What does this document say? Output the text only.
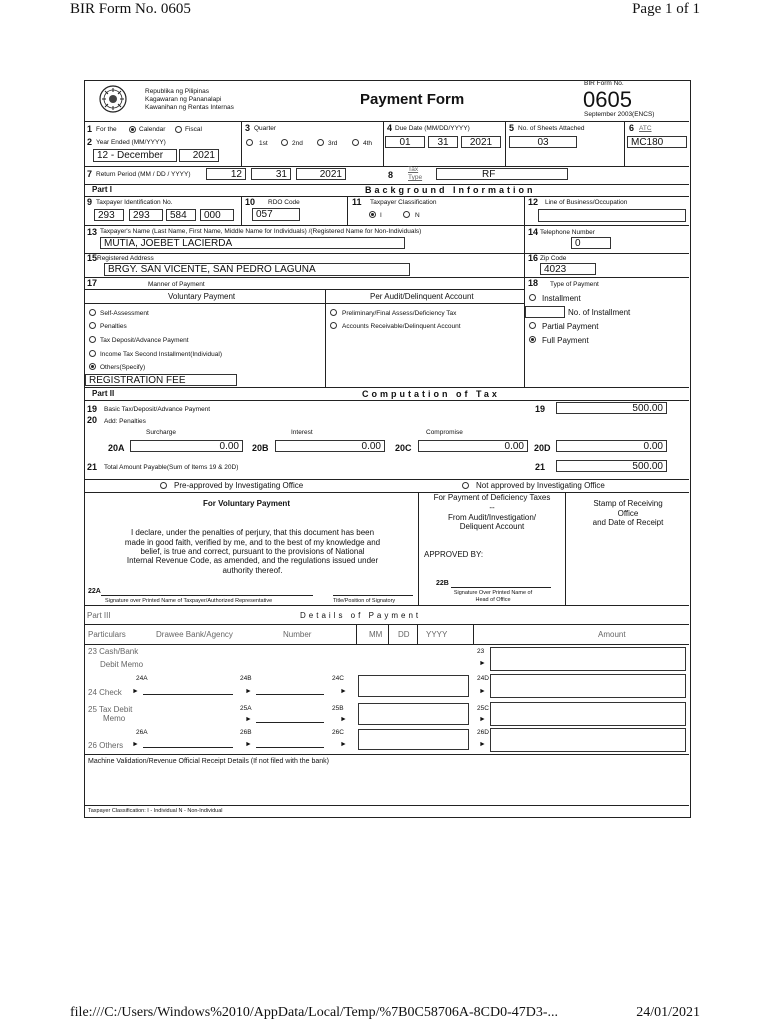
BIR Form No. 0605	Page 1 of 1
file:///C:/Users/Windows%2010/AppData/Local/Temp/%7B0C58706A-8CD0-47D3-...	24/01/2021
Republika ng Pilipinas
Kagawaran ng Pananalapi
Kawanihan ng Rentas Internas	Payment Form
BIR Form No.
0605
September 2003(ENCS)
1 For the	Calendar	Fiscal	3 Quarter
1st	2nd	3rd	4th
4 Due Date (MM/DD/YYYY)
01	31	2021
5 No. of Sheets Attached
03
6 ATC
MC180
2 Year Ended (MM/YYYY)
12 - December	2021
7 Return Period (MM / DD / YYYY)	12	31	2021	8
Tax Type	RF
Part I	Background Information
9 Taxpayer Identification No.
293	293	584	000
10 RDO Code
057
11 Taxpayer Classification
I	N
12 Line of Business/Occupation
13 Taxpayer's Name (Last Name, First Name, Middle Name for Individuals) /(Registered Name for Non-Individuals)
MUTIA, JOEBET LACIERDA
14 Telephone Number
0
15 Registered Address
BRGY. SAN VICENTE, SAN PEDRO LAGUNA
16 Zip Code
4023
17	Manner of Payment	18 Type of Payment
Voluntary Payment	Per Audit/Delinquent Account
Self-Assessment
Penalties
Tax Deposit/Advance Payment
Income Tax Second Installment(Individual)
Others(Specify)
REGISTRATION FEE
Preliminary/Final Assess/Deficiency Tax
Accounts Receivable/Delinquent Account
Installment
No. of Installment
Partial Payment
Full Payment
Part II	Computation of Tax
19 Basic Tax/Deposit/Advance Payment	19	500.00
20 Add: Penalties
Surcharge	Interest	Compromise
20A	0.00	20B	0.00	20C	0.00	20D	0.00
21 Total Amount Payable(Sum of Items 19 & 20D)	21	500.00
Pre-approved by Investigating Office	Not approved by Investigating Office
For Voluntary Payment
I declare, under the penalties of perjury, that this document has been
made in good faith, verified by me, and to the best of my knowledge and
belief, is true and correct, pursuant to the provisions of National
Internal Revenue Code, as amended, and the regulations issued under
authority thereof.
22A
Signature over Printed Name of Taxpayer/Authorized Representative	Title/Position of Signatory
For Payment of Deficiency Taxes
--
From Audit/Investigation/
Deliquent Account
APPROVED BY:
22B
Signature Over Printed Name of
Head of Office
Stamp of Receiving
Office
and Date of Receipt
Part III	Details of Payment
Particulars	Drawee Bank/Agency	Number	MM DD YYYY	Amount
23 Cash/Bank
Debit Memo
23
►
24A	24B	24C	24D
24 Check ►	►	►	►
25 Tax Debit
Memo
25A
►
25B
►
25C
►
26A	26B	26C	26D
26 Others ►	►	►	►
Machine Validation/Revenue Official Receipt Details (If not filed with the bank)
Taxpayer Classification: I - Individual N - Non-Individual
